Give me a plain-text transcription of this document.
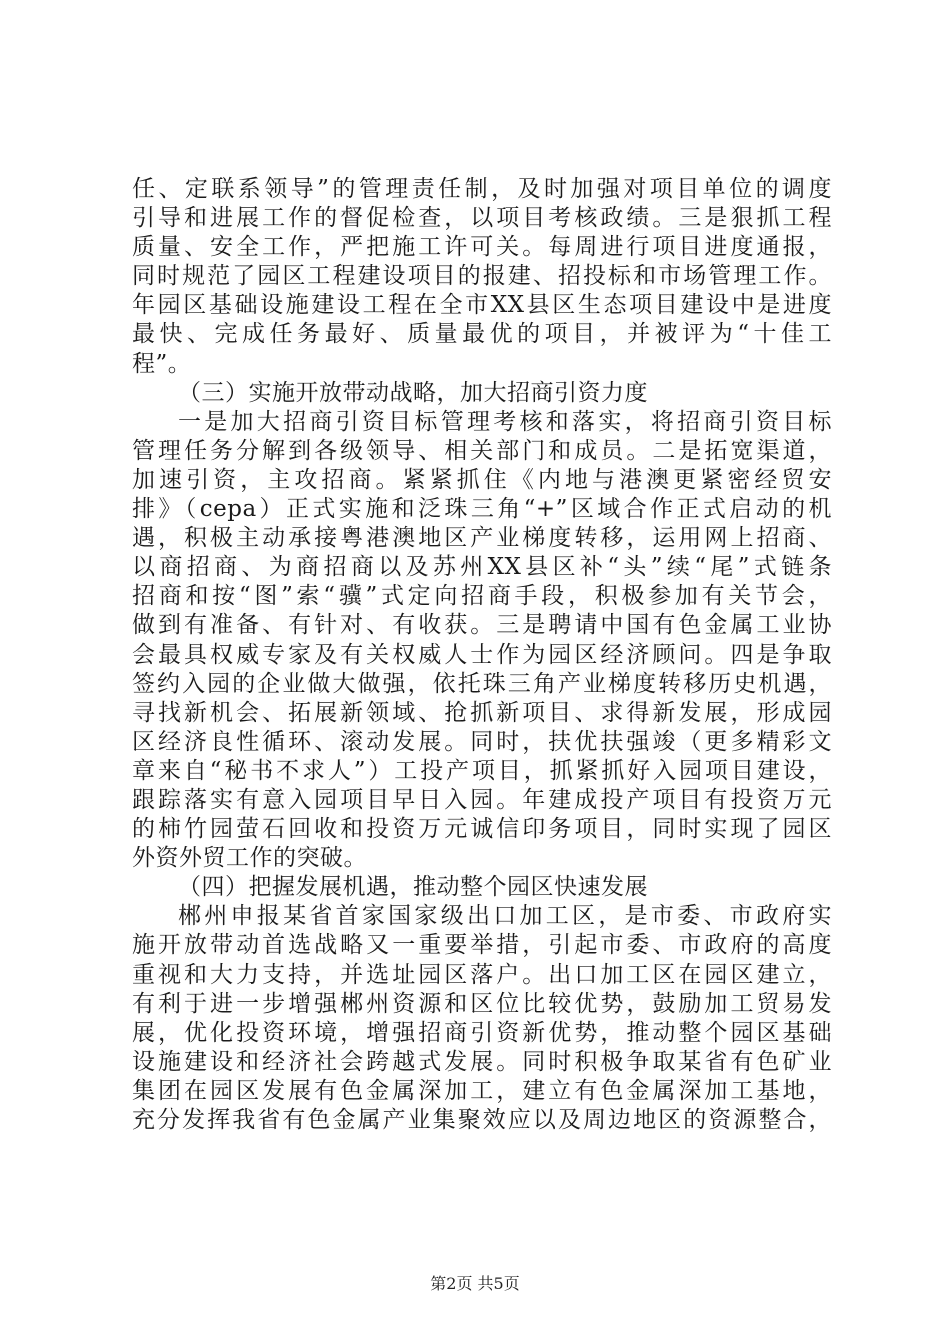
任、定联系领导”的管理责任制，及时加强对项目单位的调度
引导和进展工作的督促检查，以项目考核政绩。三是狠抓工程
质量、安全工作，严把施工许可关。每周进行项目进度通报，
同时规范了园区工程建设项目的报建、招投标和市场管理工作。
年园区基础设施建设工程在全市XX县区生态项目建设中是进度
最快、完成任务最好、质量最优的项目，并被评为“十佳工
程”。
（三）实施开放带动战略，加大招商引资力度
一是加大招商引资目标管理考核和落实，将招商引资目标
管理任务分解到各级领导、相关部门和成员。二是拓宽渠道，
加速引资，主攻招商。紧紧抓住《内地与港澳更紧密经贸安
排》（cepa）正式实施和泛珠三角“+”区域合作正式启动的机
遇，积极主动承接粤港澳地区产业梯度转移，运用网上招商、
以商招商、为商招商以及苏州XX县区补“头”续“尾”式链条
招商和按“图”索“骥”式定向招商手段，积极参加有关节会，
做到有准备、有针对、有收获。三是聘请中国有色金属工业协
会最具权威专家及有关权威人士作为园区经济顾问。四是争取
签约入园的企业做大做强，依托珠三角产业梯度转移历史机遇，
寻找新机会、拓展新领域、抢抓新项目、求得新发展，形成园
区经济良性循环、滚动发展。同时，扶优扶强竣（更多精彩文
章来自“秘书不求人”）工投产项目，抓紧抓好入园项目建设，
跟踪落实有意入园项目早日入园。年建成投产项目有投资万元
的柿竹园萤石回收和投资万元诚信印务项目，同时实现了园区
外资外贸工作的突破。
（四）把握发展机遇，推动整个园区快速发展
郴州申报某省首家国家级出口加工区，是市委、市政府实
施开放带动首选战略又一重要举措，引起市委、市政府的高度
重视和大力支持，并选址园区落户。出口加工区在园区建立，
有利于进一步增强郴州资源和区位比较优势，鼓励加工贸易发
展，优化投资环境，增强招商引资新优势，推动整个园区基础
设施建设和经济社会跨越式发展。同时积极争取某省有色矿业
集团在园区发展有色金属深加工，建立有色金属深加工基地，
充分发挥我省有色金属产业集聚效应以及周边地区的资源整合，
第2页 共5页
